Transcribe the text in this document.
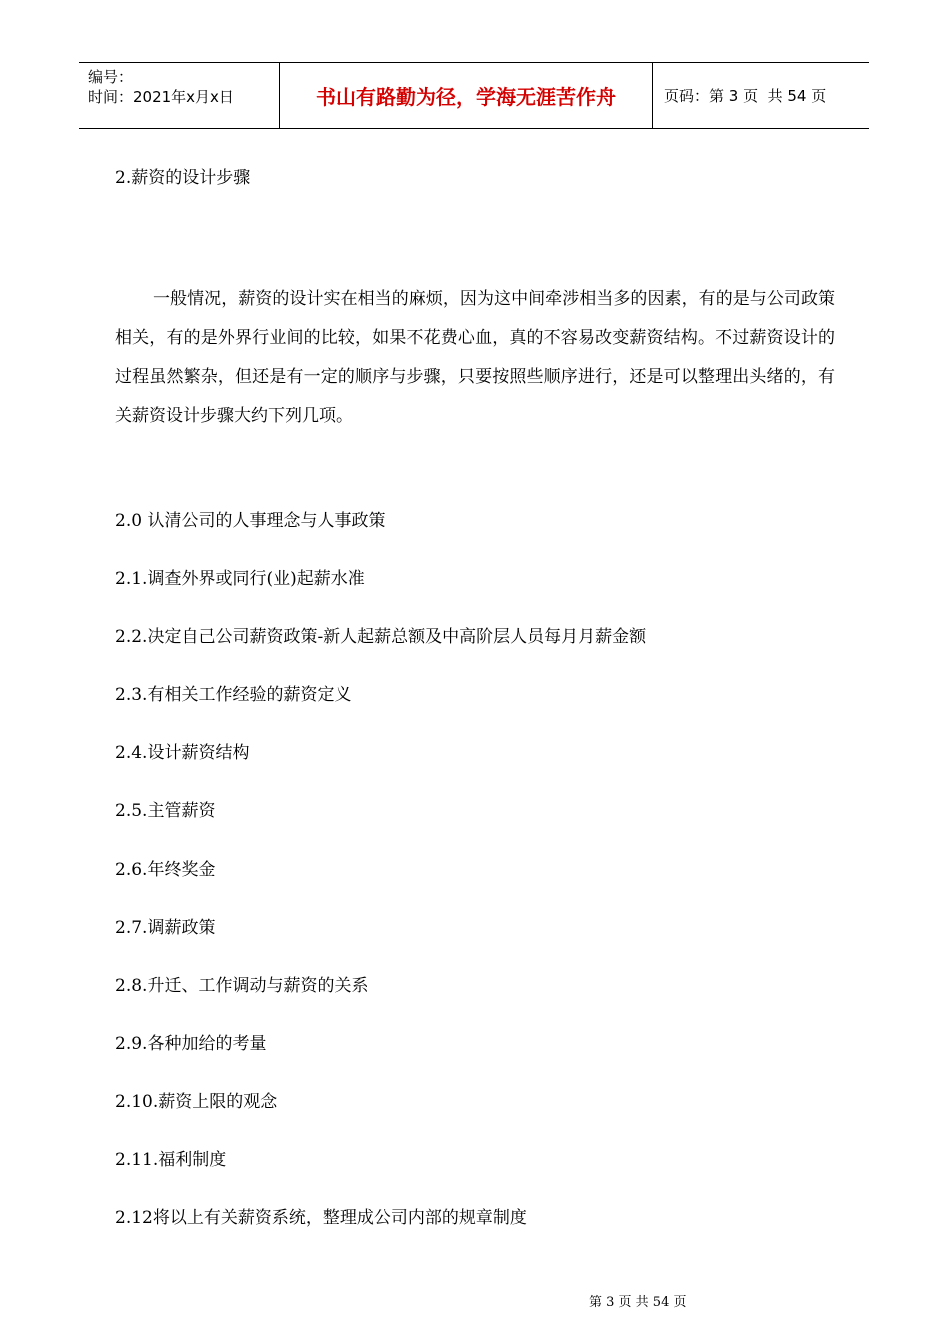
编号：
时间：2021年x月x日	书山有路勤为径，学海无涯苦作舟	页码：第 3 页  共 54 页
2.薪资的设计步骤
一般情况，薪资的设计实在相当的麻烦，因为这中间牵涉相当多的因素，有的是与公司政策相关，有的是外界行业间的比较，如果不花费心血，真的不容易改变薪资结构。不过薪资设计的过程虽然繁杂，但还是有一定的顺序与步骤，只要按照些顺序进行，还是可以整理出头绪的，有关薪资设计步骤大约下列几项。
2.0 认清公司的人事理念与人事政策
2.1.调查外界或同行(业)起薪水准
2.2.决定自己公司薪资政策-新人起薪总额及中高阶层人员每月月薪金额
2.3.有相关工作经验的薪资定义
2.4.设计薪资结构
2.5.主管薪资
2.6.年终奖金
2.7.调薪政策
2.8.升迁、工作调动与薪资的关系
2.9.各种加给的考量
2.10.薪资上限的观念
2.11.福利制度
2.12将以上有关薪资系统，整理成公司内部的规章制度
第 3 页 共 54 页
